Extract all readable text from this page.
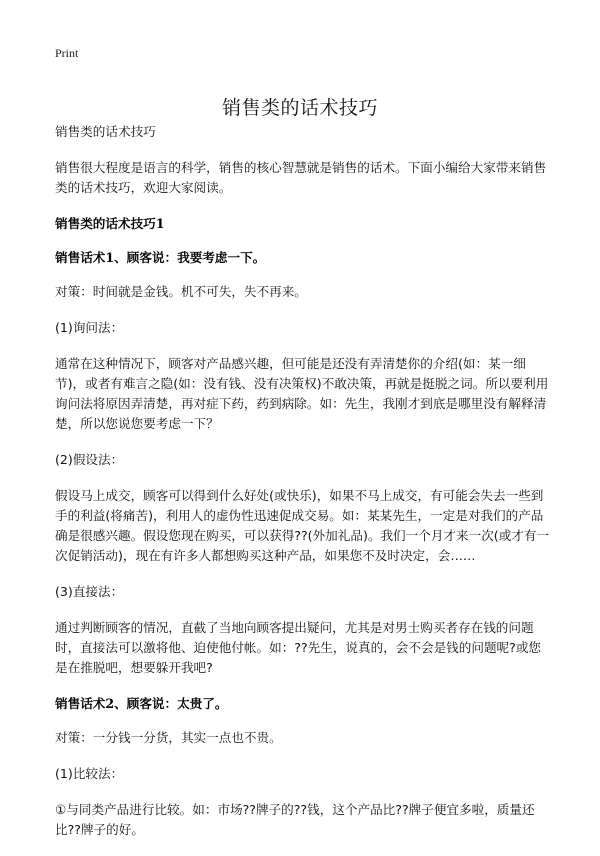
Print
销售类的话术技巧
销售类的话术技巧
销售很大程度是语言的科学，销售的核心智慧就是销售的话术。下面小编给大家带来销售类的话术技巧，欢迎大家阅读。
销售类的话术技巧1
销售话术1、顾客说：我要考虑一下。
对策：时间就是金钱。机不可失，失不再来。
(1)询问法：
通常在这种情况下，顾客对产品感兴趣，但可能是还没有弄清楚你的介绍(如：某一细节)，或者有难言之隐(如：没有钱、没有决策权)不敢决策，再就是挺脱之词。所以要利用询问法将原因弄清楚，再对症下药，药到病除。如：先生，我刚才到底是哪里没有解释清楚，所以您说您要考虑一下？
(2)假设法：
假设马上成交，顾客可以得到什么好处(或快乐)，如果不马上成交，有可能会失去一些到手的利益(将痛苦)，利用人的虚伪性迅速促成交易。如：某某先生，一定是对我们的产品确是很感兴趣。假设您现在购买，可以获得??(外加礼品)。我们一个月才来一次(或才有一次促销活动)，现在有许多人都想购买这种产品，如果您不及时决定，会……
(3)直接法：
通过判断顾客的情况，直截了当地向顾客提出疑问，尤其是对男士购买者存在钱的问题时，直接法可以激将他、迫使他付帐。如：??先生，说真的，会不会是钱的问题呢?或您是在推脱吧，想要躲开我吧?
销售话术2、顾客说：太贵了。
对策：一分钱一分货，其实一点也不贵。
(1)比较法：
①与同类产品进行比较。如：市场??牌子的??钱，这个产品比??牌子便宜多啦，质量还比??牌子的好。
